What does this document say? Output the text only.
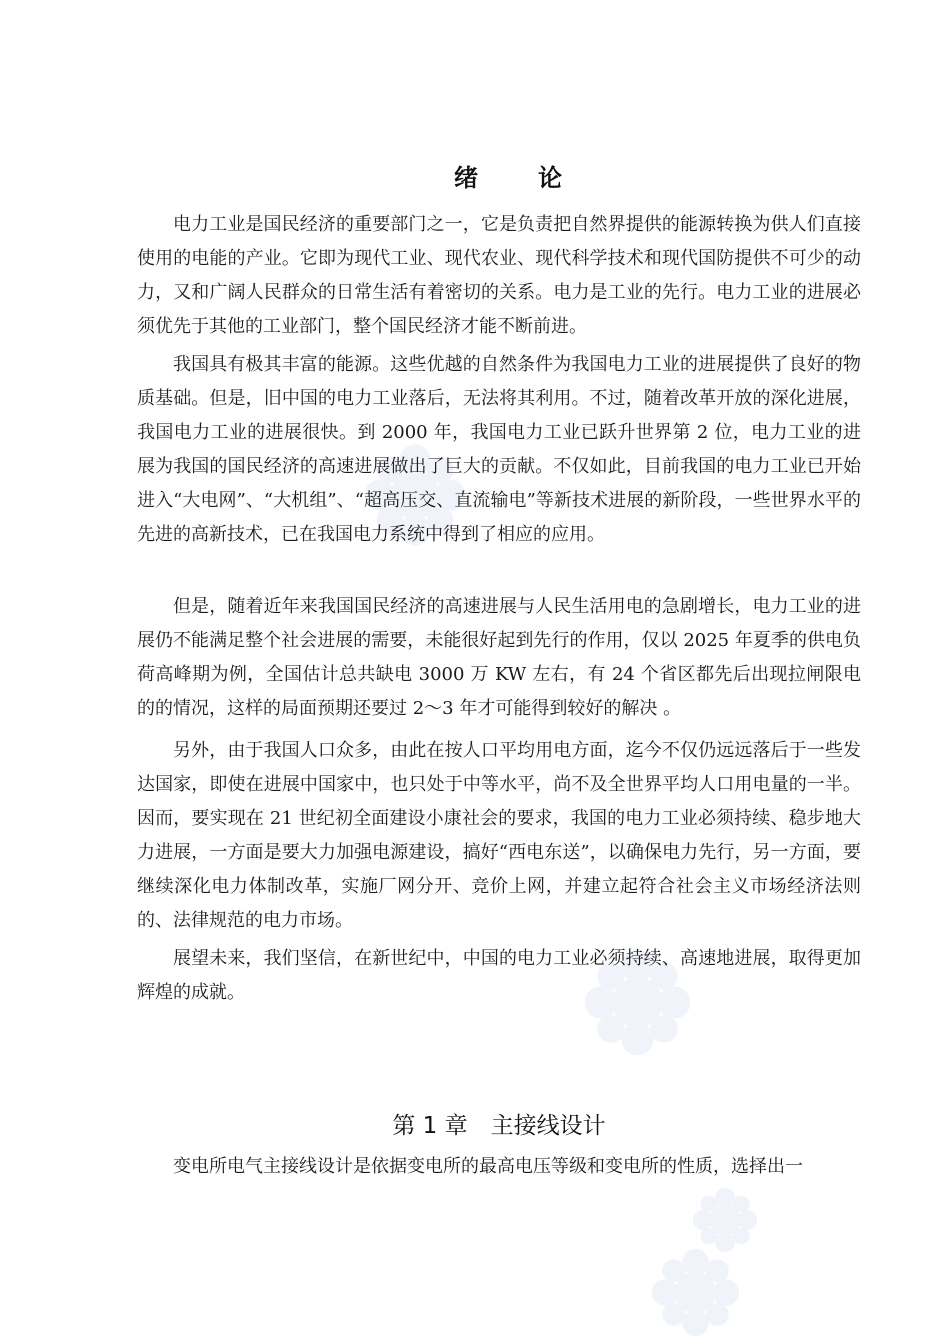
绪　论

电力工业是国民经济的重要部门之一，它是负责把自然界提供的能源转换为供人们直接使用的电能的产业。它即为现代工业、现代农业、现代科学技术和现代国防提供不可少的动力，又和广阔人民群众的日常生活有着密切的关系。电力是工业的先行。电力工业的进展必须优先于其他的工业部门，整个国民经济才能不断前进。

我国具有极其丰富的能源。这些优越的自然条件为我国电力工业的进展提供了良好的物质基础。但是，旧中国的电力工业落后，无法将其利用。不过，随着改革开放的深化进展，我国电力工业的进展很快。到 2000 年，我国电力工业已跃升世界第 2 位，电力工业的进展为我国的国民经济的高速进展做出了巨大的贡献。不仅如此，目前我国的电力工业已开始进入“大电网”、“大机组”、“超高压交、直流输电”等新技术进展的新阶段，一些世界水平的先进的高新技术，已在我国电力系统中得到了相应的应用。

但是，随着近年来我国国民经济的高速进展与人民生活用电的急剧增长，电力工业的进展仍不能满足整个社会进展的需要，未能很好起到先行的作用，仅以 2025 年夏季的供电负荷高峰期为例，全国估计总共缺电 3000 万 KW 左右，有 24 个省区都先后出现拉闸限电的的情况，这样的局面预期还要过 2～3 年才可能得到较好的解决 。

另外，由于我国人口众多，由此在按人口平均用电方面，迄今不仅仍远远落后于一些发达国家，即使在进展中国家中，也只处于中等水平，尚不及全世界平均人口用电量的一半。因而，要实现在 21 世纪初全面建设小康社会的要求，我国的电力工业必须持续、稳步地大力进展，一方面是要大力加强电源建设，搞好“西电东送”，以确保电力先行，另一方面，要继续深化电力体制改革，实施厂网分开、竞价上网，并建立起符合社会主义市场经济法则的、法律规范的电力市场。

展望未来，我们坚信，在新世纪中，中国的电力工业必须持续、高速地进展，取得更加辉煌的成就。

第 1 章　主接线设计

变电所电气主接线设计是依据变电所的最高电压等级和变电所的性质，选择出一
